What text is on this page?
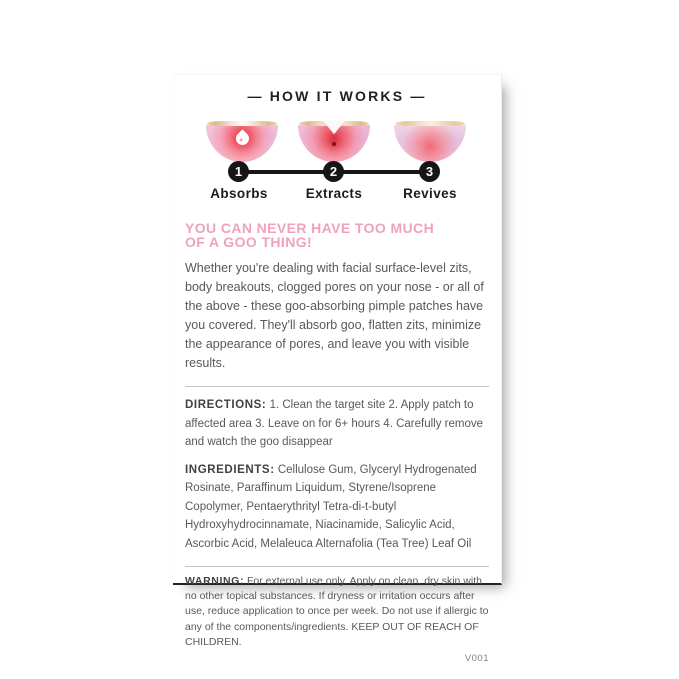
— HOW IT WORKS —
1	2	3
Absorbs	Extracts	Revives
YOU CAN NEVER HAVE TOO MUCH
OF A GOO THING!
Whether you're dealing with facial surface-level zits, body breakouts, clogged pores on your nose - or all of the above - these goo-absorbing pimple patches have you covered. They'll absorb goo, flatten zits, minimize the appearance of pores, and leave you with visible results.
DIRECTIONS: 1. Clean the target site 2. Apply patch to affected area 3. Leave on for 6+ hours 4. Carefully remove and watch the goo disappear
INGREDIENTS: Cellulose Gum, Glyceryl Hydrogenated Rosinate, Paraffinum Liquidum, Styrene/Isoprene Copolymer, Pentaerythrityl Tetra-di-t-butyl Hydroxyhydrocinnamate, Niacinamide, Salicylic Acid, Ascorbic Acid, Melaleuca Alternafolia (Tea Tree) Leaf Oil
WARNING: For external use only. Apply on clean, dry skin with no other topical substances. If dryness or irritation occurs after use, reduce application to once per week. Do not use if allergic to any of the components/ingredients. KEEP OUT OF REACH OF CHILDREN.
V001
